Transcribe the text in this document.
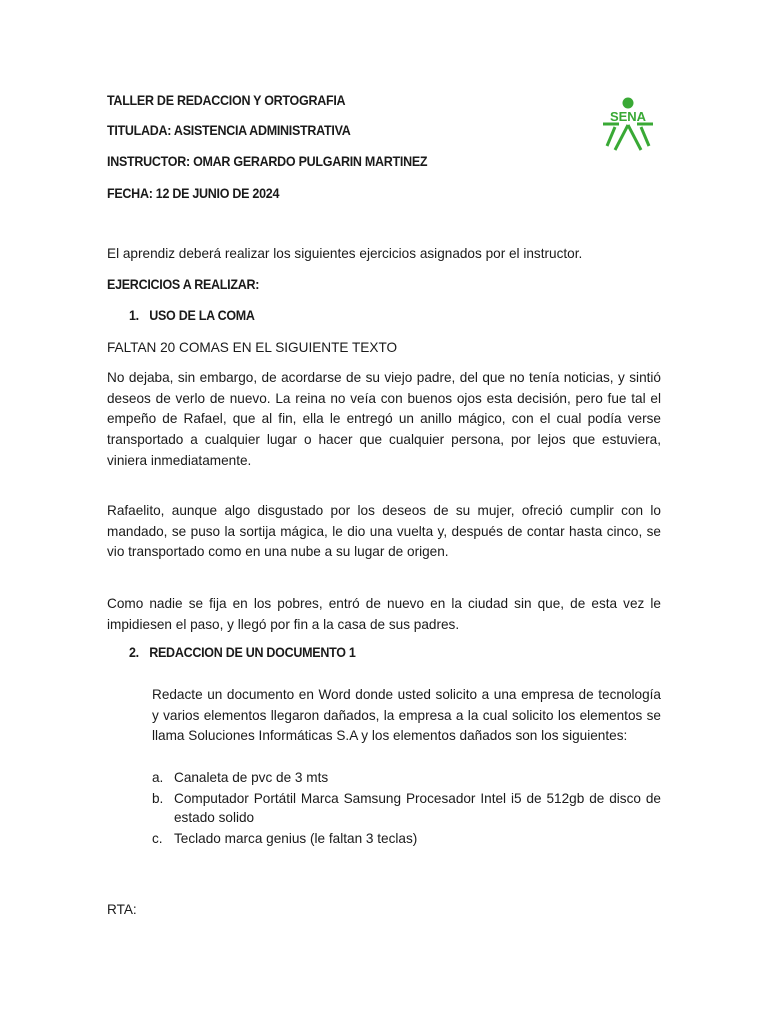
TALLER DE REDACCION Y ORTOGRAFIA
TITULADA: ASISTENCIA ADMINISTRATIVA
INSTRUCTOR: OMAR GERARDO PULGARIN MARTINEZ
FECHA: 12 DE JUNIO DE 2024
SENA
El aprendiz deberá realizar los siguientes ejercicios asignados por el instructor.
EJERCICIOS A REALIZAR:
1. USO DE LA COMA
FALTAN 20 COMAS EN EL SIGUIENTE TEXTO
No dejaba, sin embargo, de acordarse de su viejo padre, del que no tenía noticias, y sintió deseos de verlo de nuevo. La reina no veía con buenos ojos esta decisión, pero fue tal el empeño de Rafael, que al fin, ella le entregó un anillo mágico, con el cual podía verse transportado a cualquier lugar o hacer que cualquier persona, por lejos que estuviera, viniera inmediatamente.
Rafaelito, aunque algo disgustado por los deseos de su mujer, ofreció cumplir con lo mandado, se puso la sortija mágica, le dio una vuelta y, después de contar hasta cinco, se vio transportado como en una nube a su lugar de origen.
Como nadie se fija en los pobres, entró de nuevo en la ciudad sin que, de esta vez le impidiesen el paso, y llegó por fin a la casa de sus padres.
2. REDACCION DE UN DOCUMENTO 1
Redacte un documento en Word donde usted solicito a una empresa de tecnología y varios elementos llegaron dañados, la empresa a la cual solicito los elementos se llama Soluciones Informáticas S.A y los elementos dañados son los siguientes:
a. Canaleta de pvc de 3 mts
b. Computador Portátil Marca Samsung Procesador Intel i5 de 512gb de disco de estado solido
c. Teclado marca genius (le faltan 3 teclas)
RTA:
